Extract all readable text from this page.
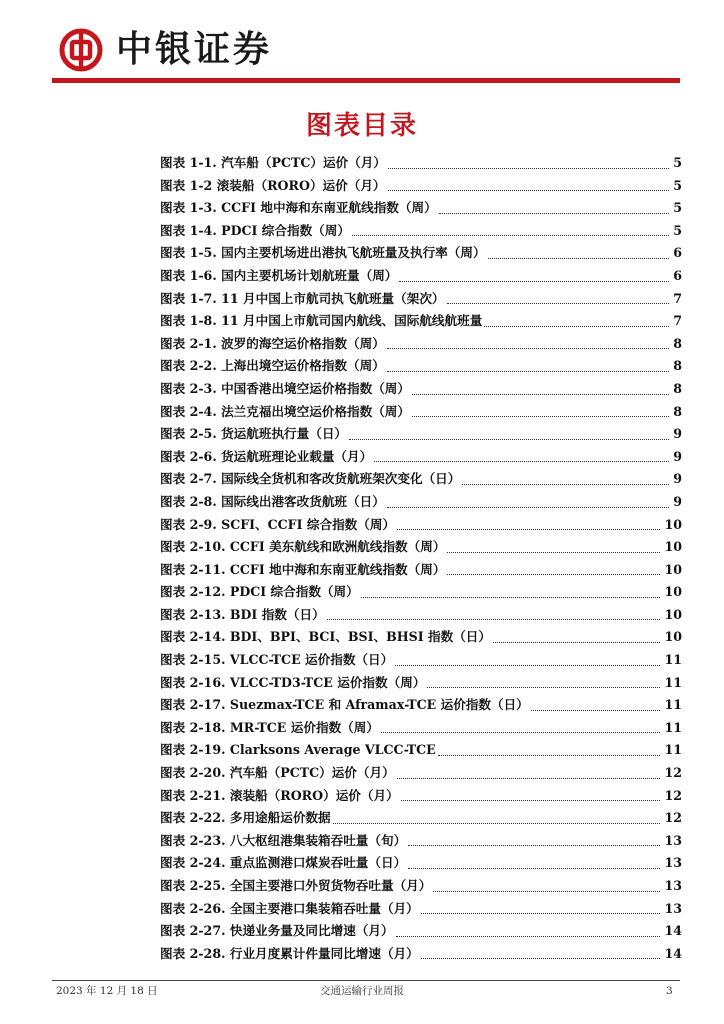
中银证券
图表目录
图表 1-1. 汽车船（PCTC）运价（月）	5
图表 1-2 滚装船（RORO）运价（月）	5
图表 1-3. CCFI 地中海和东南亚航线指数（周）	5
图表 1-4. PDCI 综合指数（周）	5
图表 1-5. 国内主要机场进出港执飞航班量及执行率（周）	6
图表 1-6. 国内主要机场计划航班量（周）	6
图表 1-7. 11 月中国上市航司执飞航班量（架次）	7
图表 1-8. 11 月中国上市航司国内航线、国际航线航班量	7
图表 2-1. 波罗的海空运价格指数（周）	8
图表 2-2. 上海出境空运价格指数（周）	8
图表 2-3. 中国香港出境空运价格指数（周）	8
图表 2-4. 法兰克福出境空运价格指数（周）	8
图表 2-5. 货运航班执行量（日）	9
图表 2-6. 货运航班理论业载量（月）	9
图表 2-7. 国际线全货机和客改货航班架次变化（日）	9
图表 2-8. 国际线出港客改货航班（日）	9
图表 2-9. SCFI、CCFI 综合指数（周）	10
图表 2-10. CCFI 美东航线和欧洲航线指数（周）	10
图表 2-11. CCFI 地中海和东南亚航线指数（周）	10
图表 2-12. PDCI 综合指数（周）	10
图表 2-13. BDI 指数（日）	10
图表 2-14. BDI、BPI、BCI、BSI、BHSI 指数（日）	10
图表 2-15. VLCC-TCE 运价指数（日）	11
图表 2-16. VLCC-TD3-TCE 运价指数（周）	11
图表 2-17. Suezmax-TCE 和 Aframax-TCE 运价指数（日）	11
图表 2-18. MR-TCE 运价指数（周）	11
图表 2-19. Clarksons Average VLCC-TCE	11
图表 2-20. 汽车船（PCTC）运价（月）	12
图表 2-21. 滚装船（RORO）运价（月）	12
图表 2-22. 多用途船运价数据	12
图表 2-23. 八大枢纽港集装箱吞吐量（旬）	13
图表 2-24. 重点监测港口煤炭吞吐量（日）	13
图表 2-25. 全国主要港口外贸货物吞吐量（月）	13
图表 2-26. 全国主要港口集装箱吞吐量（月）	13
图表 2-27. 快递业务量及同比增速（月）	14
图表 2-28. 行业月度累计件量同比增速（月）	14
2023 年 12 月 18 日	交通运输行业周报	3
